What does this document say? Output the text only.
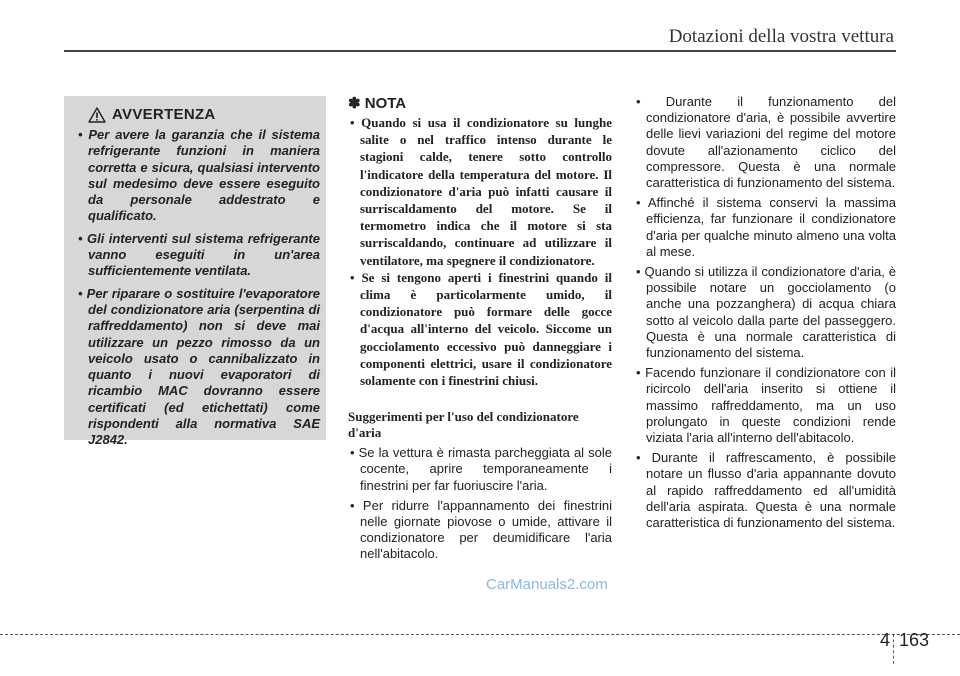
Dotazioni della vostra vettura
AVVERTENZA
• Per avere la garanzia che il sistema refrigerante funzioni in maniera corretta e sicura, qualsiasi intervento sul medesimo deve essere eseguito da personale addestrato e qualificato.
• Gli interventi sul sistema refrigerante vanno eseguiti in un'area sufficientemente ventilata.
• Per riparare o sostituire l'evaporatore del condizionatore aria (serpentina di raffreddamento) non si deve mai utilizzare un pezzo rimosso da un veicolo usato o cannibalizzato in quanto i nuovi evaporatori di ricambio MAC dovranno essere certificati (ed etichettati) come rispondenti alla normativa SAE J2842.
✽ NOTA
• Quando si usa il condizionatore su lunghe salite o nel traffico intenso durante le stagioni calde, tenere sotto controllo l'indicatore della temperatura del motore. Il condizionatore d'aria può infatti causare il surriscaldamento del motore. Se il termometro indica che il motore si sta surriscaldando, continuare ad utilizzare il ventilatore, ma spegnere il condizionatore.
• Se si tengono aperti i finestrini quando il clima è particolarmente umido, il condizionatore può formare delle gocce d'acqua all'interno del veicolo. Siccome un gocciolamento eccessivo può danneggiare i componenti elettrici, usare il condizionatore solamente con i finestrini chiusi.
Suggerimenti per l'uso del condizionatore d'aria
• Se la vettura è rimasta parcheggiata al sole cocente, aprire temporaneamente i finestrini per far fuoriuscire l'aria.
• Per ridurre l'appannamento dei finestrini nelle giornate piovose o umide, attivare il condizionatore per deumidificare l'aria nell'abitacolo.
• Durante il funzionamento del condizionatore d'aria, è possibile avvertire delle lievi variazioni del regime del motore dovute all'azionamento ciclico del compressore. Questa è una normale caratteristica di funzionamento del sistema.
• Affinché il sistema conservi la massima efficienza, far funzionare il condizionatore d'aria per qualche minuto almeno una volta al mese.
• Quando si utilizza il condizionatore d'aria, è possibile notare un gocciolamento (o anche una pozzanghera) di acqua chiara sotto al veicolo dalla parte del passeggero. Questa è una normale caratteristica di funzionamento del sistema.
• Facendo funzionare il condizionatore con il ricircolo dell'aria inserito si ottiene il massimo raffreddamento, ma un uso prolungato in queste condizioni rende viziata l'aria all'interno dell'abitacolo.
• Durante il raffrescamento, è possibile notare un flusso d'aria appannante dovuto al rapido raffreddamento ed all'umidità dell'aria aspirata. Questa è una normale caratteristica di funzionamento del sistema.
CarManuals2.com
4 163
